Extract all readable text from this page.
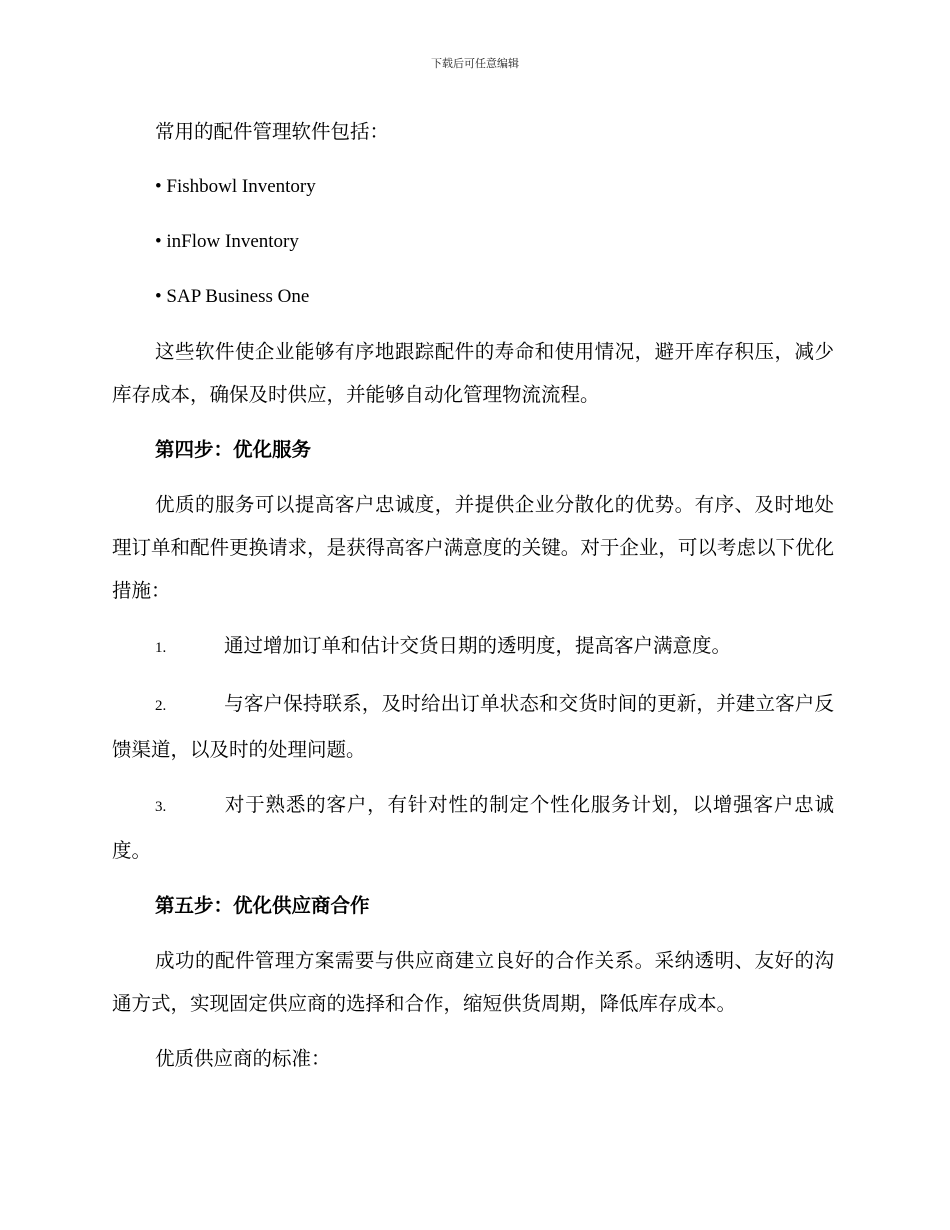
下载后可任意编辑

常用的配件管理软件包括：

• Fishbowl Inventory

• inFlow Inventory

• SAP Business One

这些软件使企业能够有序地跟踪配件的寿命和使用情况，避开库存积压，减少库存成本，确保及时供应，并能够自动化管理物流流程。

第四步：优化服务

优质的服务可以提高客户忠诚度，并提供企业分散化的优势。有序、及时地处理订单和配件更换请求，是获得高客户满意度的关键。对于企业，可以考虑以下优化措施：

1.	通过增加订单和估计交货日期的透明度，提高客户满意度。

2.	与客户保持联系，及时给出订单状态和交货时间的更新，并建立客户反馈渠道，以及时的处理问题。

3.	对于熟悉的客户，有针对性的制定个性化服务计划，以增强客户忠诚度。

第五步：优化供应商合作

成功的配件管理方案需要与供应商建立良好的合作关系。采纳透明、友好的沟通方式，实现固定供应商的选择和合作，缩短供货周期，降低库存成本。

优质供应商的标准：
